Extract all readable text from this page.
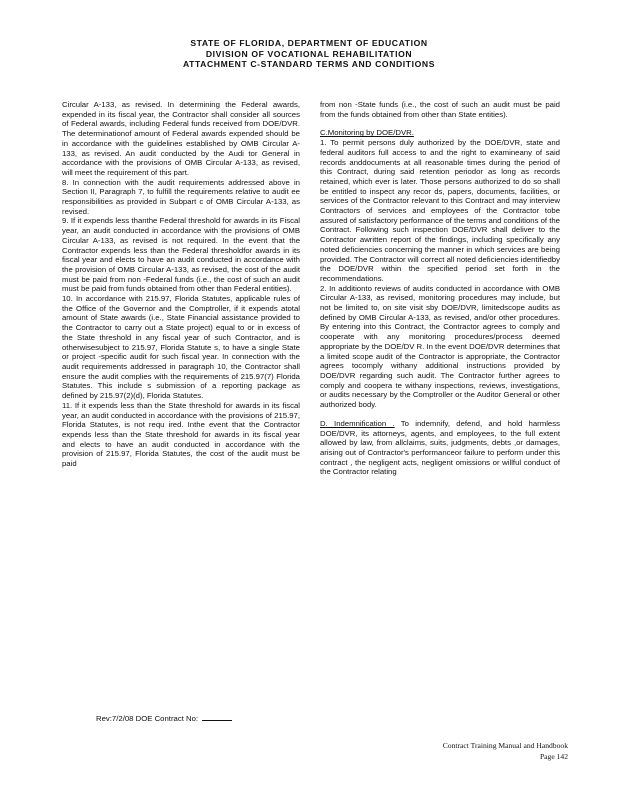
STATE OF FLORIDA, DEPARTMENT OF EDUCATION
DIVISION OF VOCATIONAL REHABILITATION
ATTACHMENT C-STANDARD TERMS AND CONDITIONS

Circular A-133, as revised. In determining the Federal awards, expended in its fiscal year, the Contractor shall consider all sources of Federal awards, including Federal funds received from DOE/DVR. The determinationof amount of Federal awards expended should be in accordance with the guidelines established by OMB Circular A-133, as revised. An audit conducted by the Audi tor General in accordance with the provisions of OMB Circular A-133, as revised, will meet the requirement of this part.

8. In connection with the audit requirements addressed above in Section II, Paragraph 7, to fulfill the requirements relative to audit ee responsibilities as provided in Subpart c of OMB Circular A-133, as revised.

9. If it expends less thanthe Federal threshold for awards in its Fiscal year, an audit conducted in accordance with the provisions of OMB Circular A-133, as revised is not required. In the event that the Contractor expends less than the Federal thresholdfor awards in its fiscal year and elects to have an audit conducted in accordance with the provision of OMB Circular A-133, as revised, the cost of the audit must be paid from non -Federal funds (i.e., the cost of such an audit must be paid from funds obtained from other than Federal entities).

10. In accordance with 215.97, Florida Statutes, applicable rules of the Office of the Governor and the Comptroller, if it expends atotal amount of State awards (i.e., State Financial assistance provided to the Contractor to carry out a State project) equal to or in excess of the State threshold in any fiscal year of such Contractor, and is otherwisesubject to 215.97, Florida Statute s, to have a single State or project -specific audit for such fiscal year. In connection with the audit requirements addressed in paragraph 10, the Contractor shall ensure the audit complies with the requirements of 215.97(7) Florida Statutes. This include s submission of a reporting package as defined by 215.97(2)(d), Florida Statutes.

11. If it expends less than the State threshold for awards in its fiscal year, an audit conducted in accordance with the provisions of 215.97, Florida Statutes, is not requ ired. Inthe event that the Contractor expends less than the State threshold for awards in its fiscal year and elects to have an audit conducted in accordance with the provision of 215.97, Florida Statutes, the cost of the audit must be paid

from non -State funds (i.e., the cost of such an audit must be paid from the funds obtained from other than State entities).

C.Monitoring by DOE/DVR.

1. To permit persons duly authorized by the DOE/DVR, state and federal auditors full access to and the right to examineany of said records anddocuments at all reasonable times during the period of this Contract, during said retention periodor as long as records retained, which ever is later. Those persons authorized to do so shall be entitled to inspect any recor ds, papers, documents, facilities, or services of the Contractor relevant to this Contract and may interview Contractors of services and employees of the Contractor tobe assured of satisfactory performance of the terms and conditions of the Contract. Following such inspection DOE/DVR shall deliver to the Contractor awritten report of the findings, including specifically any noted deficiencies concerning the manner in which services are being provided. The Contractor will correct all noted deficiencies identifiedby the DOE/DVR within the specified period set forth in the recommendations.

2. In additionto reviews of audits conducted in accordance with OMB Circular A-133, as revised, monitoring procedures may include, but not be limited to, on site visit sby DOE/DVR, limitedscope audits as defined by OMB Circular A-133, as revised, and/or other procedures. By entering into this Contract, the Contractor agrees to comply and cooperate with any monitoring procedures/process deemed appropriate by the DOE/DV R. In the event DOE/DVR determines that a limited scope audit of the Contractor is appropriate, the Contractor agrees tocomply withany additional instructions provided by DOE/DVR regarding such audit. The Contractor further agrees to comply and coopera te withany inspections, reviews, investigations, or audits necessary by the Comptroller or the Auditor General or other authorized body.

D. Indemnification . To indemnify, defend, and hold harmless DOE/DVR, its attorneys, agents, and employees, to the full extent allowed by law, from allclaims, suits, judgments, debts ,or damages, arising out of Contractor's performanceor failure to perform under this contract , the negligent acts, negligent omissions or willful conduct of the Contractor relating

Rev:7/2/08 DOE Contract No:
Contract Training Manual and Handbook
Page 142
